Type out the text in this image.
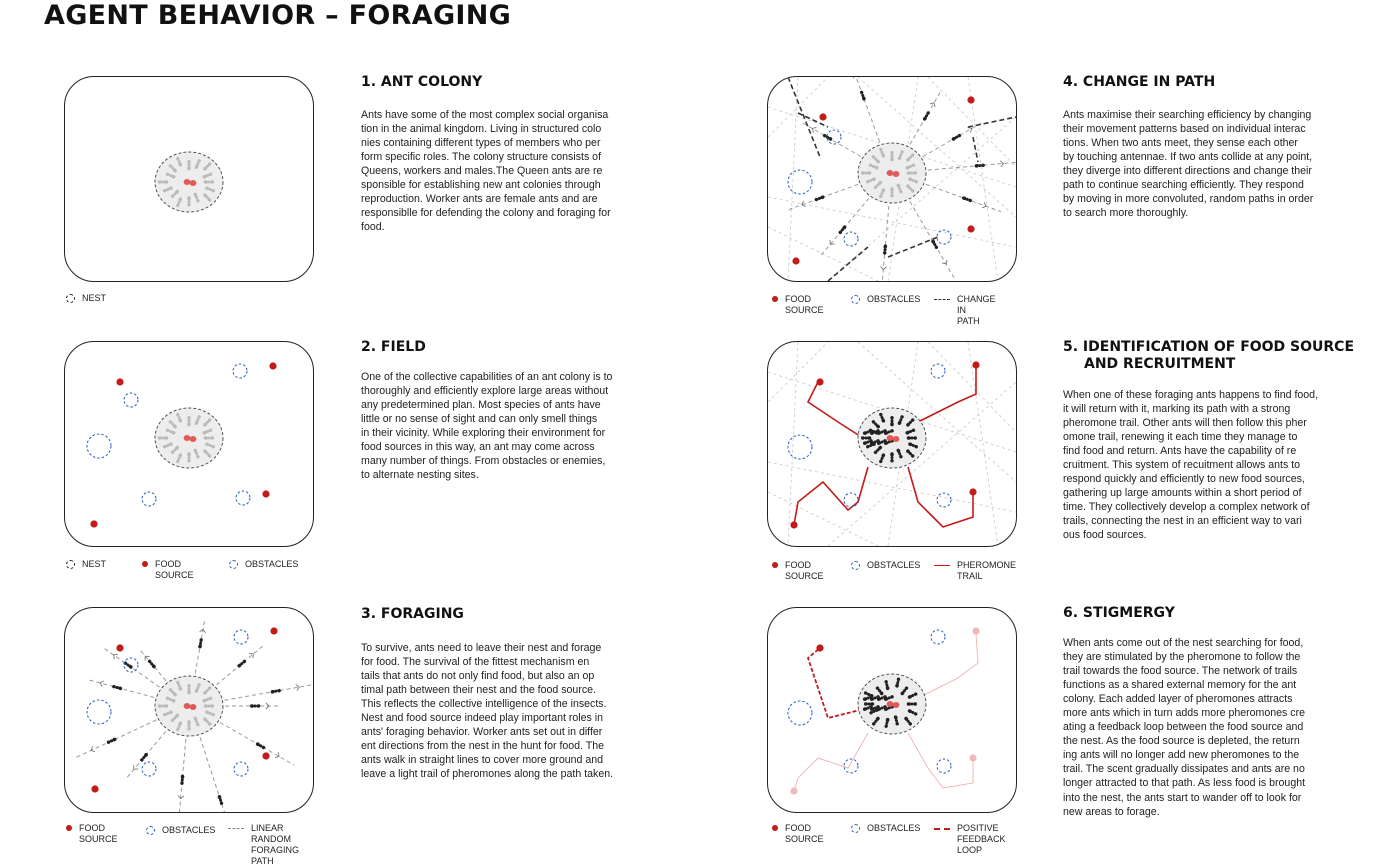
AGENT BEHAVIOR – FORAGING
1. ANT COLONY
Ants have some of the most complex social organisa
tion in the animal kingdom. Living in structured colo
nies containing different types of members who per
form specific roles. The colony structure consists of
Queens, workers and males.The Queen ants are re
sponsible for establishing new ant colonies through
reproduction. Worker ants are female ants and are
responsiblle for defending the colony and foraging for
food.
NEST
2. FIELD
One of the collective capabilities of an ant colony is to
thoroughly and efficiently explore large areas without
any predetermined plan. Most species of ants have
little or no sense of sight and can only smell things
in their vicinity. While exploring their environment for
food sources in this way, an ant may come across
many number of things. From obstacles or enemies,
to alternate nesting sites.
NEST	FOOD
SOURCE
OBSTACLES
3. FORAGING
To survive, ants need to leave their nest and forage
for food. The survival of the fittest mechanism en
tails that ants do not only find food, but also an op
timal path between their nest and the food source.
This reflects the collective intelligence of the insects.
Nest and food source indeed play important roles in
ants' foraging behavior. Worker ants set out in differ
ent directions from the nest in the hunt for food. The
ants walk in straight lines to cover more ground and
leave a light trail of pheromones along the path taken.
FOOD
SOURCE
OBSTACLES	LINEAR RANDOM
FORAGING PATH
4. CHANGE IN PATH
Ants maximise their searching efficiency by changing
their movement patterns based on individual interac
tions. When two ants meet, they sense each other
by touching antennae. If two ants collide at any point,
they diverge into different directions and change their
path to continue searching efficiently. They respond
by moving in more convoluted, random paths in order
to search more thoroughly.
FOOD
SOURCE
OBSTACLES	CHANGE IN
PATH
5. IDENTIFICATION OF FOOD SOURCE
AND RECRUITMENT
When one of these foraging ants happens to find food,
it will return with it, marking its path with a strong
pheromone trail. Other ants will then follow this pher
omone trail, renewing it each time they manage to
find food and return. Ants have the capability of re
cruitment. This system of recuitment allows ants to
respond quickly and efficiently to new food sources,
gathering up large amounts within a short period of
time. They collectively develop a complex network of
trails, connecting the nest in an efficient way to vari
ous food sources.
FOOD
SOURCE
OBSTACLES	PHEROMONE
TRAIL
6. STIGMERGY
When ants come out of the nest searching for food,
they are stimulated by the pheromone to follow the
trail towards the food source. The network of trails
functions as a shared external memory for the ant
colony. Each added layer of pheromones attracts
more ants which in turn adds more pheromones cre
ating a feedback loop between the food source and
the nest. As the food source is depleted, the return
ing ants will no longer add new pheromones to the
trail. The scent gradually dissipates and ants are no
longer attracted to that path. As less food is brought
into the nest, the ants start to wander off to look for
new areas to forage.
FOOD
SOURCE
OBSTACLES	POSITIVE
FEEDBACK LOOP
